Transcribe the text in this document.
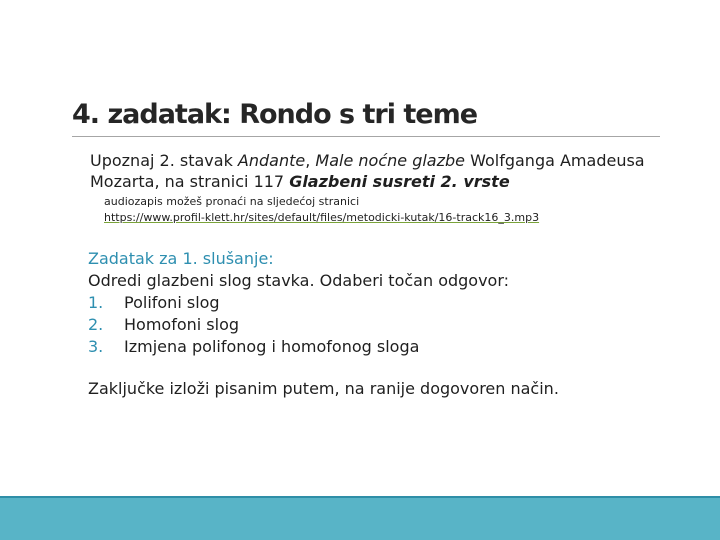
4. zadatak: Rondo s tri teme
Upoznaj 2. stavak Andante, Male noćne glazbe Wolfganga Amadeusa Mozarta, na stranici 117 Glazbeni susreti 2. vrste
audiozapis možeš pronaći na sljedećoj stranici
https://www.profil-klett.hr/sites/default/files/metodicki-kutak/16-track16_3.mp3
Zadatak za 1. slušanje:
Odredi glazbeni slog stavka. Odaberi točan odgovor:
1.	Polifoni slog
2.	Homofoni slog
3.	Izmjena polifonog i homofonog sloga
Zaključke izloži pisanim putem, na ranije dogovoren način.
